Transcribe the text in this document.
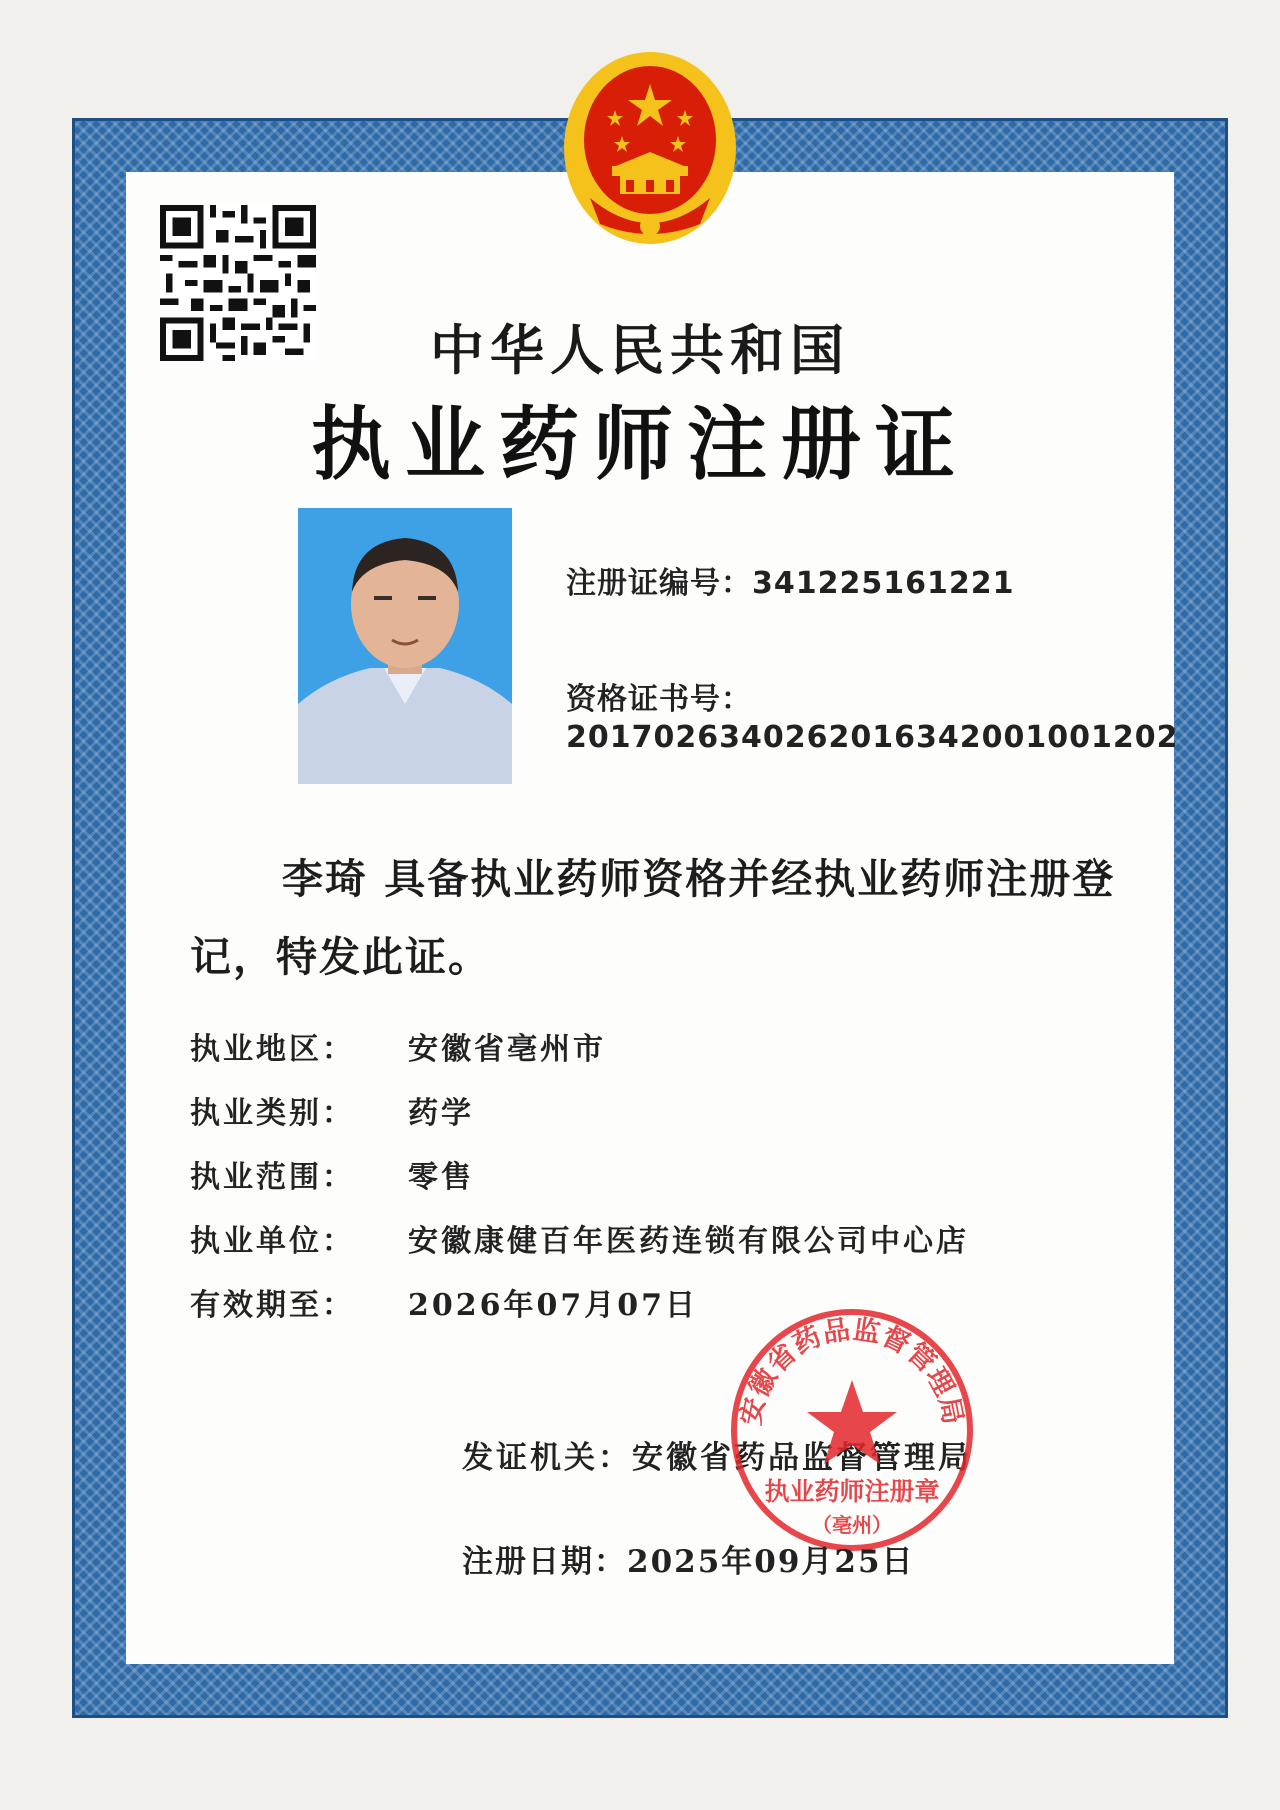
中华人民共和国
执业药师注册证
注册证编号：341225161221
资格证书号：
201702634026201634200100120​2
李琦 具备执业药师资格并经执业药师注册登记，特发此证。
执业地区： 安徽省亳州市
执业类别： 药学
执业范围： 零售
执业单位： 安徽康健百年医药连锁有限公司中心店
有效期至： 2026年07月07日
发证机关：安徽省药品监督管理局
安徽省药品监督管理局
执业药师注册章
（亳州）
注册日期：2025年09月25日
